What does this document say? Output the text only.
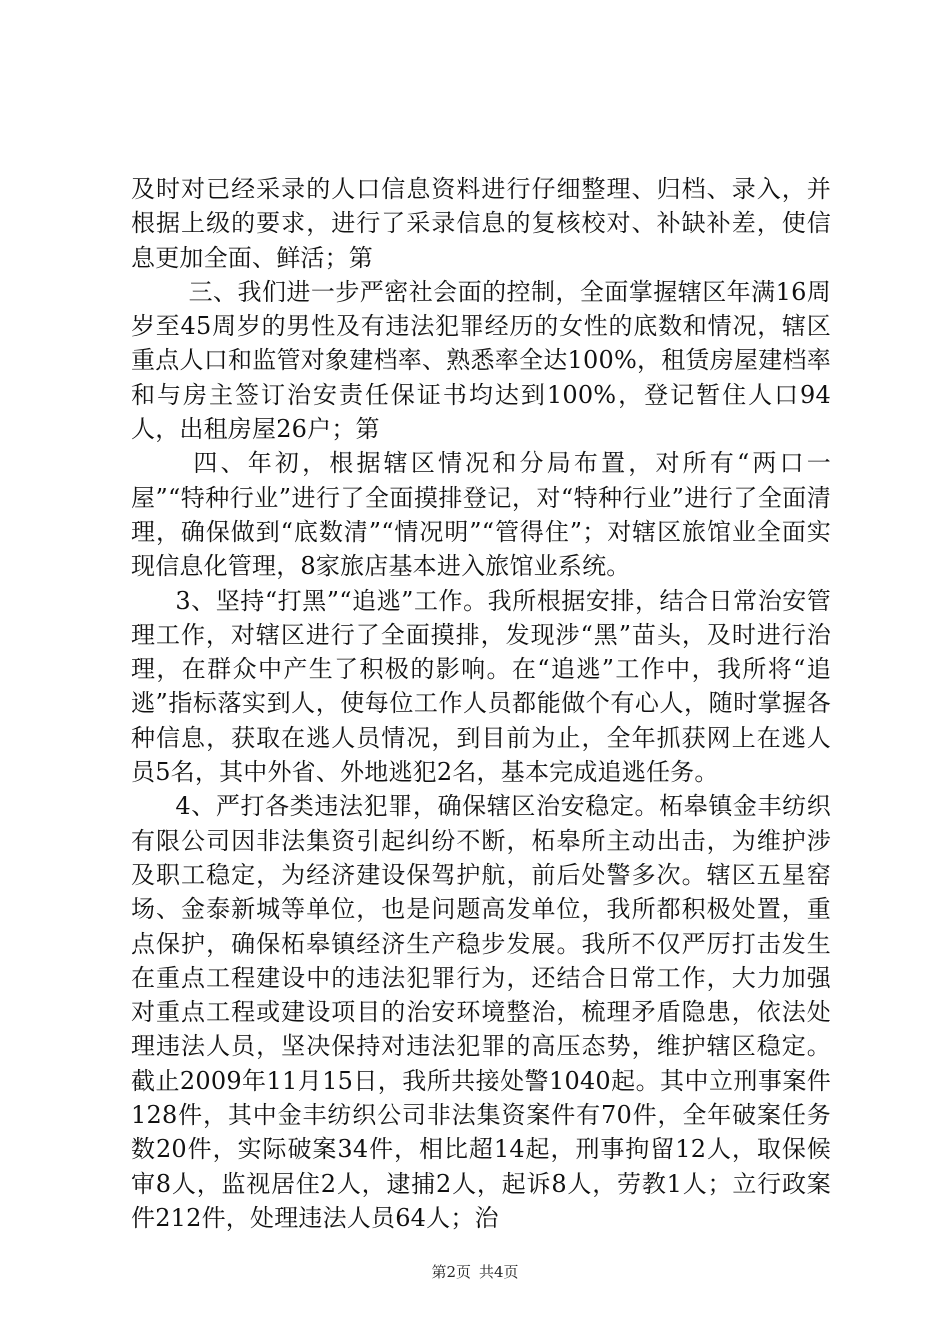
及时对已经采录的人口信息资料进行仔细整理、归档、录入，并根据上级的要求，进行了采录信息的复核校对、补缺补差，使信息更加全面、鲜活；第

三、我们进一步严密社会面的控制，全面掌握辖区年满16周岁至45周岁的男性及有违法犯罪经历的女性的底数和情况，辖区重点人口和监管对象建档率、熟悉率全达100%，租赁房屋建档率和与房主签订治安责任保证书均达到100%，登记暂住人口94人，出租房屋26户；第

四、年初，根据辖区情况和分局布置，对所有“两口一屋”“特种行业”进行了全面摸排登记，对“特种行业”进行了全面清理，确保做到“底数清”“情况明”“管得住”；对辖区旅馆业全面实现信息化管理，8家旅店基本进入旅馆业系统。

3、坚持“打黑”“追逃”工作。我所根据安排，结合日常治安管理工作，对辖区进行了全面摸排，发现涉“黑”苗头，及时进行治理，在群众中产生了积极的影响。在“追逃”工作中，我所将“追逃”指标落实到人，使每位工作人员都能做个有心人，随时掌握各种信息，获取在逃人员情况，到目前为止，全年抓获网上在逃人员5名，其中外省、外地逃犯2名，基本完成追逃任务。

4、严打各类违法犯罪，确保辖区治安稳定。柘皋镇金丰纺织有限公司因非法集资引起纠纷不断，柘皋所主动出击，为维护涉及职工稳定，为经济建设保驾护航，前后处警多次。辖区五星窑场、金泰新城等单位，也是问题高发单位，我所都积极处置，重点保护，确保柘皋镇经济生产稳步发展。我所不仅严厉打击发生在重点工程建设中的违法犯罪行为，还结合日常工作，大力加强对重点工程或建设项目的治安环境整治，梳理矛盾隐患，依法处理违法人员，坚决保持对违法犯罪的高压态势，维护辖区稳定。截止2009年11月15日，我所共接处警1040起。其中立刑事案件128件，其中金丰纺织公司非法集资案件有70件，全年破案任务数20件，实际破案34件，相比超14起，刑事拘留12人，取保候审8人，监视居住2人，逮捕2人，起诉8人，劳教1人；立行政案件212件，处理违法人员64人；治

第2页 共4页
